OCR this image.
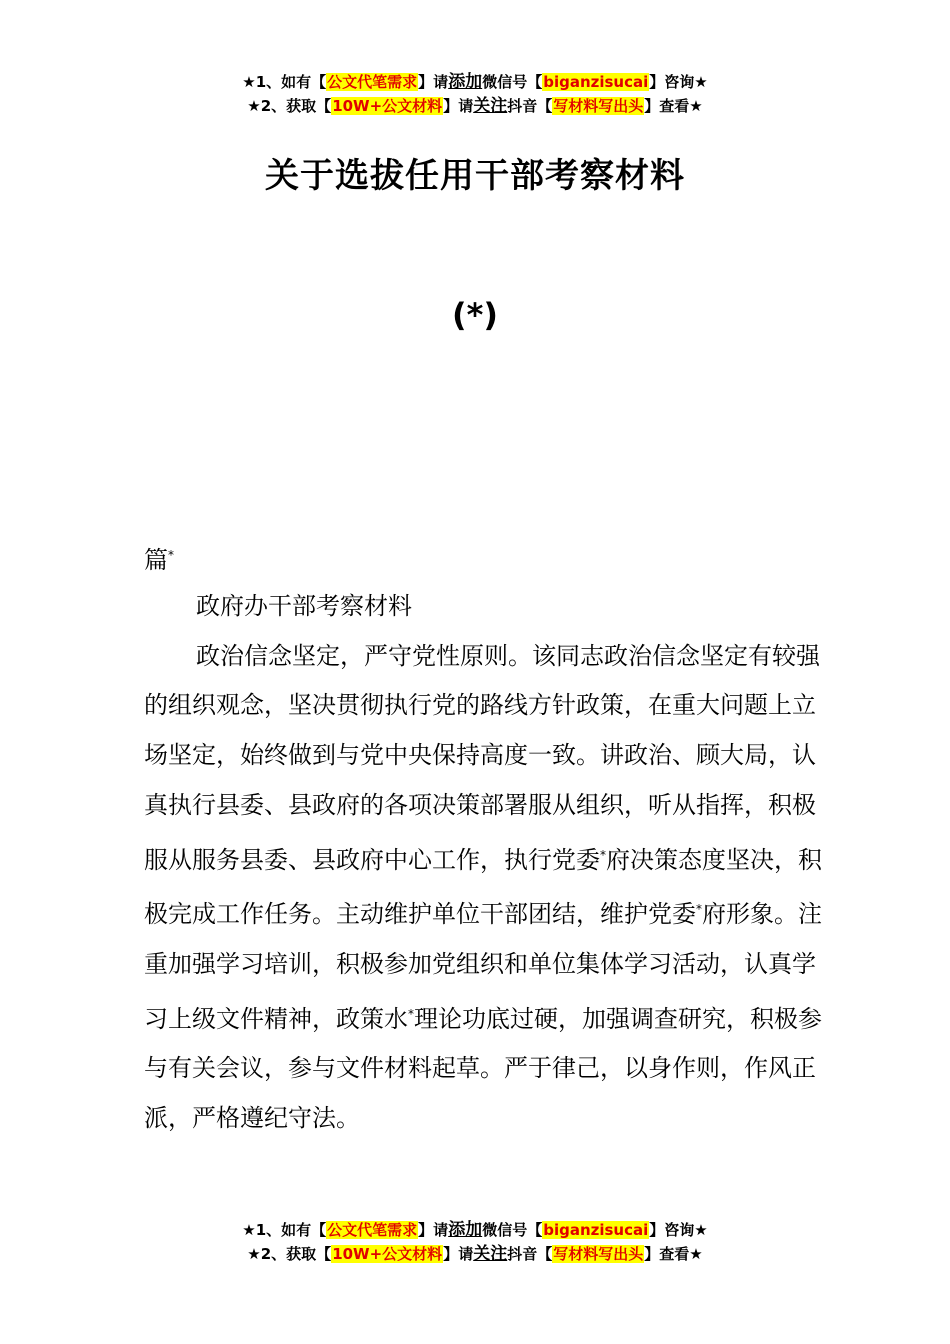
★1、如有【公文代笔需求】请添加微信号【biganzisucai】咨询★
★2、获取【10W+公文材料】请关注抖音【写材料写出头】查看★
关于选拔任用干部考察材料
(*)
篇*

政府办干部考察材料

政治信念坚定，严守党性原则。该同志政治信念坚定有较强的组织观念，坚决贯彻执行党的路线方针政策，在重大问题上立场坚定，始终做到与党中央保持高度一致。讲政治、顾大局，认真执行县委、县政府的各项决策部署服从组织，听从指挥，积极服从服务县委、县政府中心工作，执行党委*府决策态度坚决，积极完成工作任务。主动维护单位干部团结，维护党委*府形象。注重加强学习培训，积极参加党组织和单位集体学习活动，认真学习上级文件精神，政策水*理论功底过硬，加强调查研究，积极参与有关会议，参与文件材料起草。严于律己，以身作则，作风正派，严格遵纪守法。

★1、如有【公文代笔需求】请添加微信号【biganzisucai】咨询★
★2、获取【10W+公文材料】请关注抖音【写材料写出头】查看★
